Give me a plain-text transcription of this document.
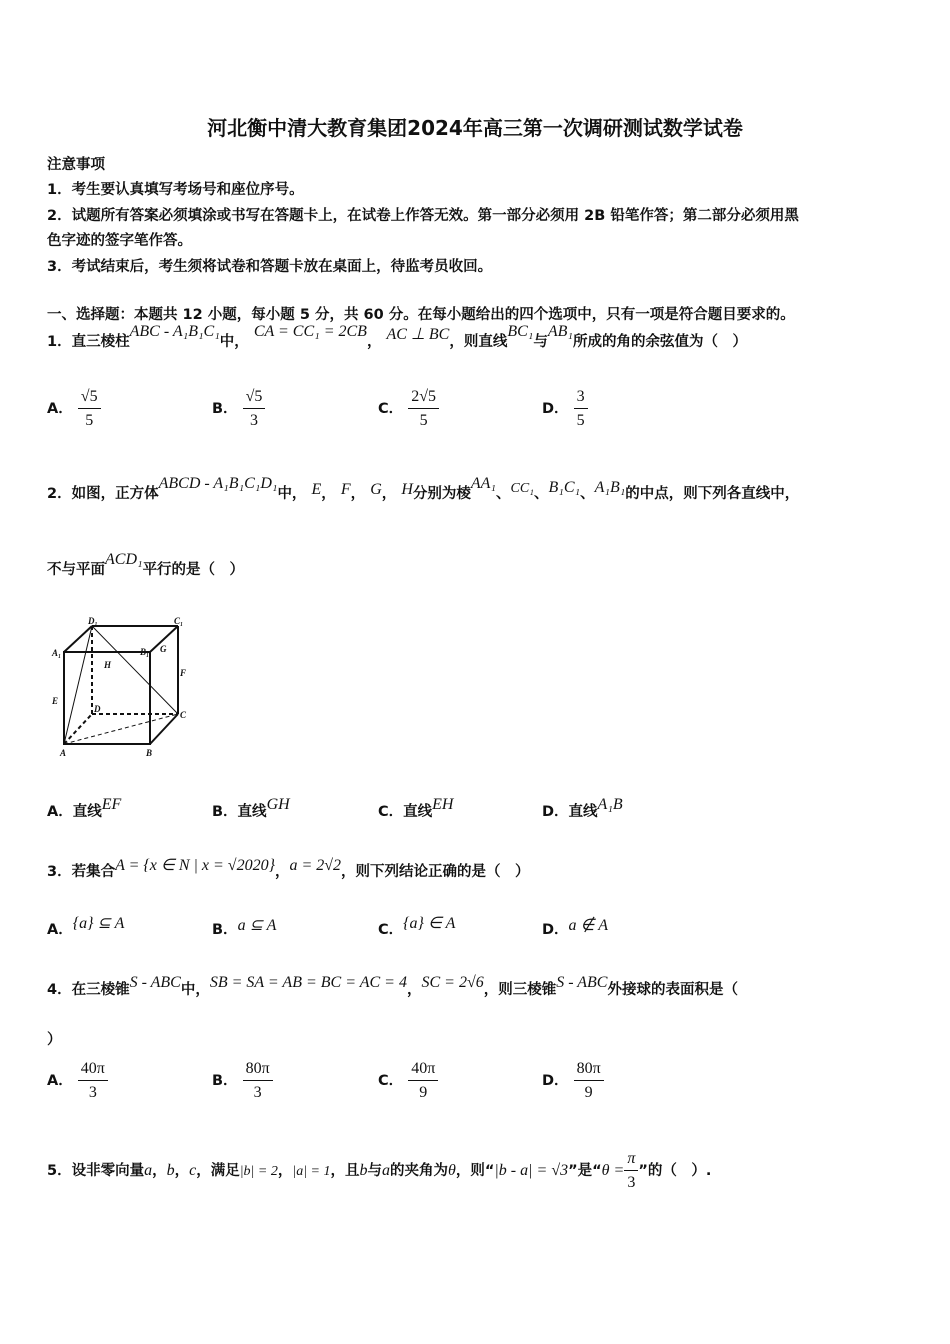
河北衡中清大教育集团2024年高三第一次调研测试数学试卷
注意事项
1．考生要认真填写考场号和座位序号。
2．试题所有答案必须填涂或书写在答题卡上，在试卷上作答无效。第一部分必须用 2B 铅笔作答；第二部分必须用黑
色字迹的签字笔作答。
3．考试结束后，考生须将试卷和答题卡放在桌面上，待监考员收回。
一、选择题：本题共 12 小题，每小题 5 分，共 60 分。在每小题给出的四个选项中，只有一项是符合题目要求的。
1．直三棱柱ABC - A₁B₁C₁中， CA = CC₁ = 2CB， AC ⊥ BC，则直线BC₁与AB₁所成的角的余弦值为（　）
A． $\frac{√5}{5}$	B． $\frac{√5}{3}$	C． $\frac{2√5}{5}$	D． $\frac{3}{5}$
2．如图，正方体ABCD - A₁B₁C₁D₁中， E， F， G， H分别为棱AA₁、CC₁、B₁C₁、A₁B₁的中点，则下列各直线中，
不与平面ACD₁平行的是（　）
D₁	C₁
A₁	B₁ G
H
F
E
D
C
A	B
A．直线EF	B．直线GH	C．直线EH	D．直线A₁B
3．若集合A = {x ∈ N | x = √2020}，a = 2√2，则下列结论正确的是（　）
A．{a} ⊆ A	B．a ⊆ A	C．{a} ∈ A	D．a ∉ A
4．在三棱锥S - ABC中，SB = SA = AB = BC = AC = 4，SC = 2√6，则三棱锥S - ABC外接球的表面积是（
）
A． $\frac{40\pi}{3}$	B． $\frac{80\pi}{3}$	C． $\frac{40\pi}{9}$	D． $\frac{80\pi}{9}$
5．设非零向量a，b，c，满足|b| = 2，|a| = 1，且b与a的夹角为θ，则“|b - a| = √3”是“$\theta = \frac{\pi}{3}$ ”的（　）.
